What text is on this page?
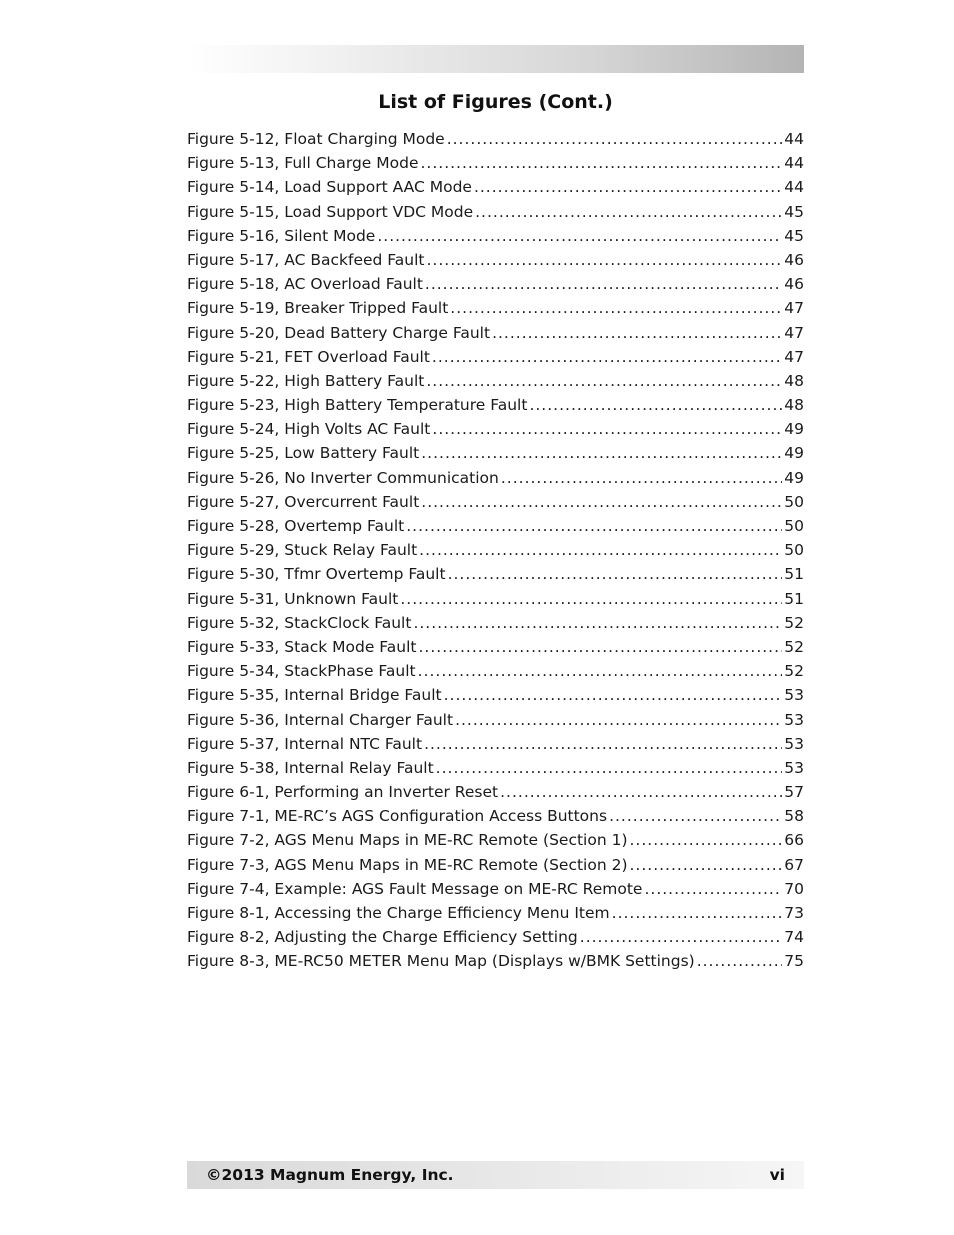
List of Figures (Cont.)
Figure 5-12, Float Charging Mode .....	44
Figure 5-13, Full Charge Mode .....	44
Figure 5-14, Load Support AAC Mode .....	44
Figure 5-15, Load Support VDC Mode .....	45
Figure 5-16, Silent Mode .....	45
Figure 5-17, AC Backfeed Fault .....	46
Figure 5-18, AC Overload Fault .....	46
Figure 5-19, Breaker Tripped Fault .....	47
Figure 5-20, Dead Battery Charge Fault .....	47
Figure 5-21, FET Overload Fault .....	47
Figure 5-22, High Battery Fault .....	48
Figure 5-23, High Battery Temperature Fault .....	48
Figure 5-24, High Volts AC Fault .....	49
Figure 5-25, Low Battery Fault .....	49
Figure 5-26, No Inverter Communication .....	49
Figure 5-27, Overcurrent Fault .....	50
Figure 5-28, Overtemp Fault .....	50
Figure 5-29, Stuck Relay Fault .....	50
Figure 5-30, Tfmr Overtemp Fault .....	51
Figure 5-31, Unknown Fault .....	51
Figure 5-32, StackClock Fault .....	52
Figure 5-33, Stack Mode Fault .....	52
Figure 5-34, StackPhase Fault .....	52
Figure 5-35, Internal Bridge Fault .....	53
Figure 5-36, Internal Charger Fault .....	53
Figure 5-37, Internal NTC Fault .....	53
Figure 5-38, Internal Relay Fault .....	53
Figure 6-1, Performing an Inverter Reset .....	57
Figure 7-1, ME-RC’s AGS Configuration Access Buttons .....	58
Figure 7-2, AGS Menu Maps in ME-RC Remote (Section 1) .....	66
Figure 7-3, AGS Menu Maps in ME-RC Remote (Section 2) .....	67
Figure 7-4, Example: AGS Fault Message on ME-RC Remote .....	70
Figure 8-1, Accessing the Charge Efficiency Menu Item .....	73
Figure 8-2, Adjusting the Charge Efficiency Setting .....	74
Figure 8-3, ME-RC50 METER Menu Map (Displays w/BMK Settings) .....	75
©2013 Magnum Energy, Inc.	vi
